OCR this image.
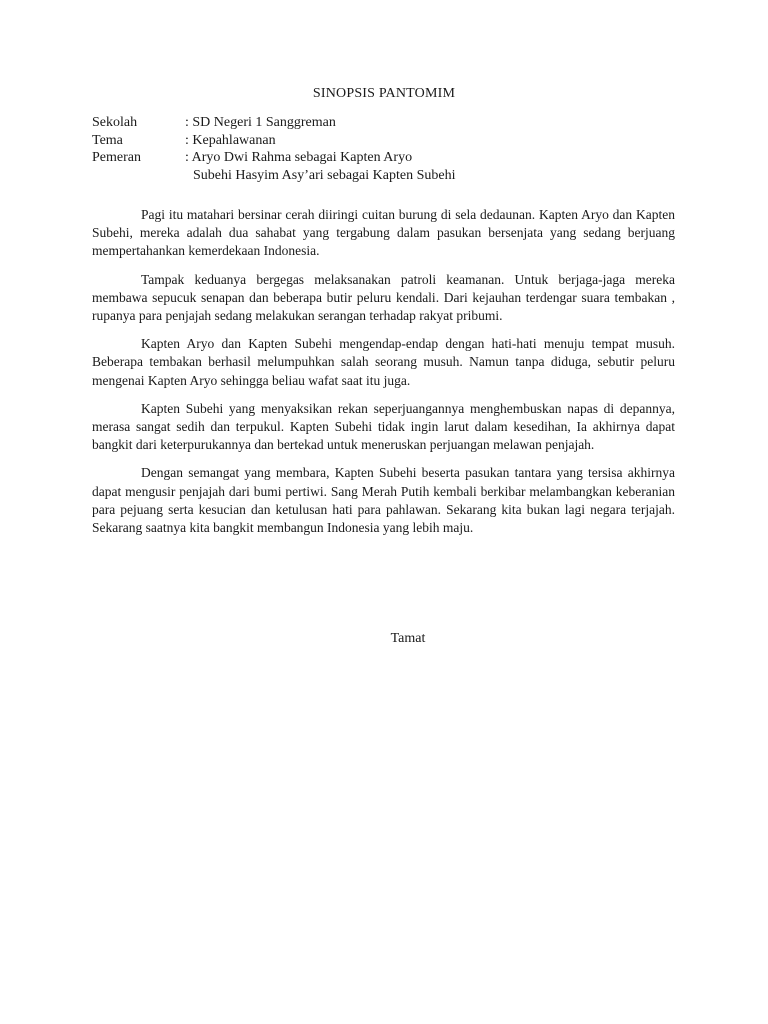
SINOPSIS PANTOMIM
Sekolah	: SD Negeri 1 Sanggreman
Tema	: Kepahlawanan
Pemeran	: Aryo Dwi Rahma sebagai Kapten Aryo
Subehi Hasyim Asy’ari sebagai Kapten Subehi

Pagi itu matahari bersinar cerah diiringi cuitan burung di sela dedaunan. Kapten Aryo dan Kapten Subehi, mereka adalah dua sahabat yang tergabung dalam pasukan bersenjata yang sedang berjuang mempertahankan kemerdekaan Indonesia.

Tampak keduanya bergegas melaksanakan patroli keamanan. Untuk berjaga-jaga mereka membawa sepucuk senapan dan beberapa butir peluru kendali. Dari kejauhan terdengar suara tembakan , rupanya para penjajah sedang melakukan serangan terhadap rakyat pribumi.

Kapten Aryo dan Kapten Subehi mengendap-endap dengan hati-hati menuju tempat musuh. Beberapa tembakan berhasil melumpuhkan salah seorang musuh. Namun tanpa diduga, sebutir peluru mengenai Kapten Aryo sehingga beliau wafat saat itu juga.

Kapten Subehi yang menyaksikan rekan seperjuangannya menghembuskan napas di depannya, merasa sangat sedih dan terpukul. Kapten Subehi tidak ingin larut dalam kesedihan, Ia akhirnya dapat bangkit dari keterpurukannya dan bertekad untuk meneruskan perjuangan melawan penjajah.

Dengan semangat yang membara, Kapten Subehi beserta pasukan tantara yang tersisa akhirnya dapat mengusir penjajah dari bumi pertiwi. Sang Merah Putih kembali berkibar melambangkan keberanian para pejuang serta kesucian dan ketulusan hati para pahlawan. Sekarang kita bukan lagi negara terjajah. Sekarang saatnya kita bangkit membangun Indonesia yang lebih maju.

Tamat
